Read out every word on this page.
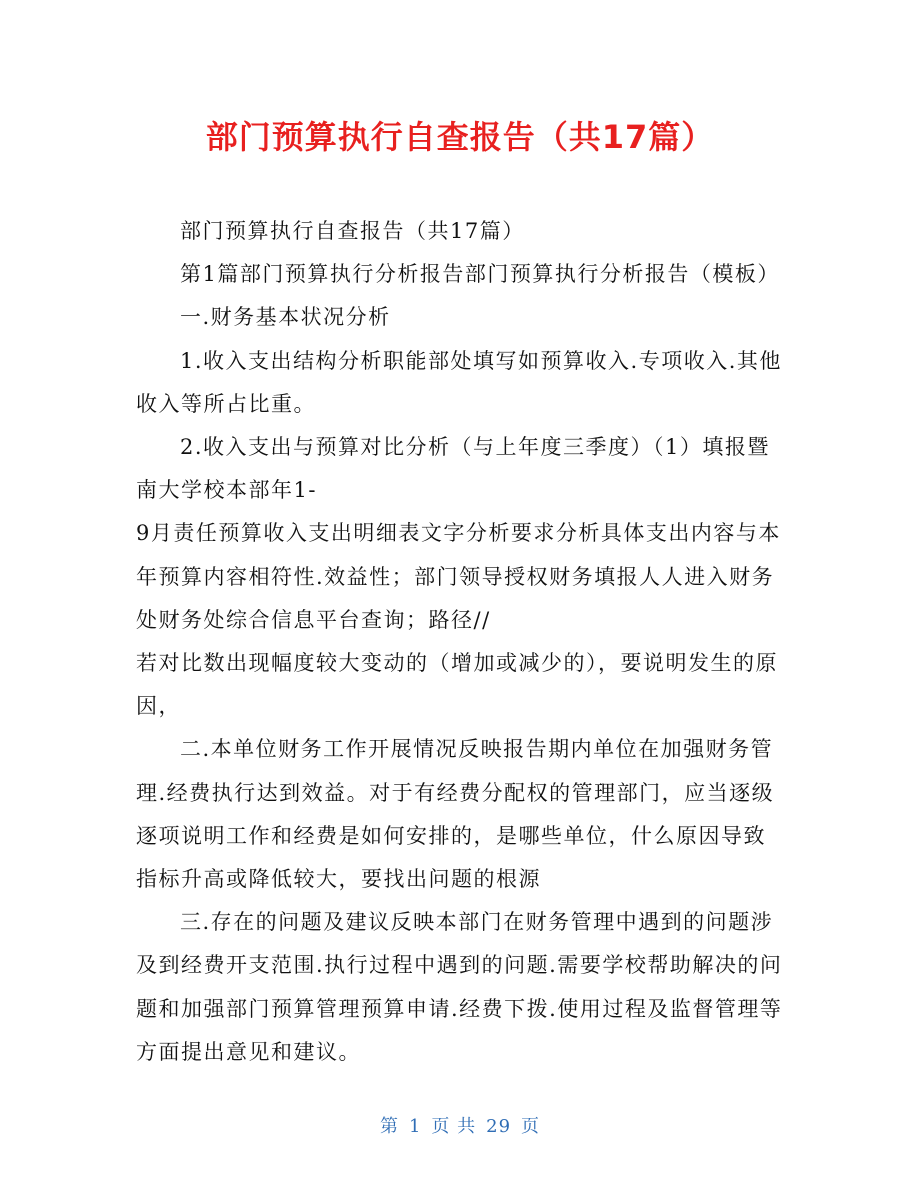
部门预算执行自查报告（共17篇）

部门预算执行自查报告（共17篇）

第1篇部门预算执行分析报告部门预算执行分析报告（模板）

一.财务基本状况分析

1.收入支出结构分析职能部处填写如预算收入.专项收入.其他收入等所占比重。

2.收入支出与预算对比分析（与上年度三季度）（1）填报暨南大学校本部年1-

9月责任预算收入支出明细表文字分析要求分析具体支出内容与本年预算内容相符性.效益性；部门领导授权财务填报人人进入财务处财务处综合信息平台查询；路径//

若对比数出现幅度较大变动的（增加或减少的），要说明发生的原因，

二.本单位财务工作开展情况反映报告期内单位在加强财务管理.经费执行达到效益。对于有经费分配权的管理部门，应当逐级逐项说明工作和经费是如何安排的，是哪些单位，什么原因导致指标升高或降低较大，要找出问题的根源

三.存在的问题及建议反映本部门在财务管理中遇到的问题涉及到经费开支范围.执行过程中遇到的问题.需要学校帮助解决的问题和加强部门预算管理预算申请.经费下拨.使用过程及监督管理等方面提出意见和建议。

第 1 页 共 29 页
